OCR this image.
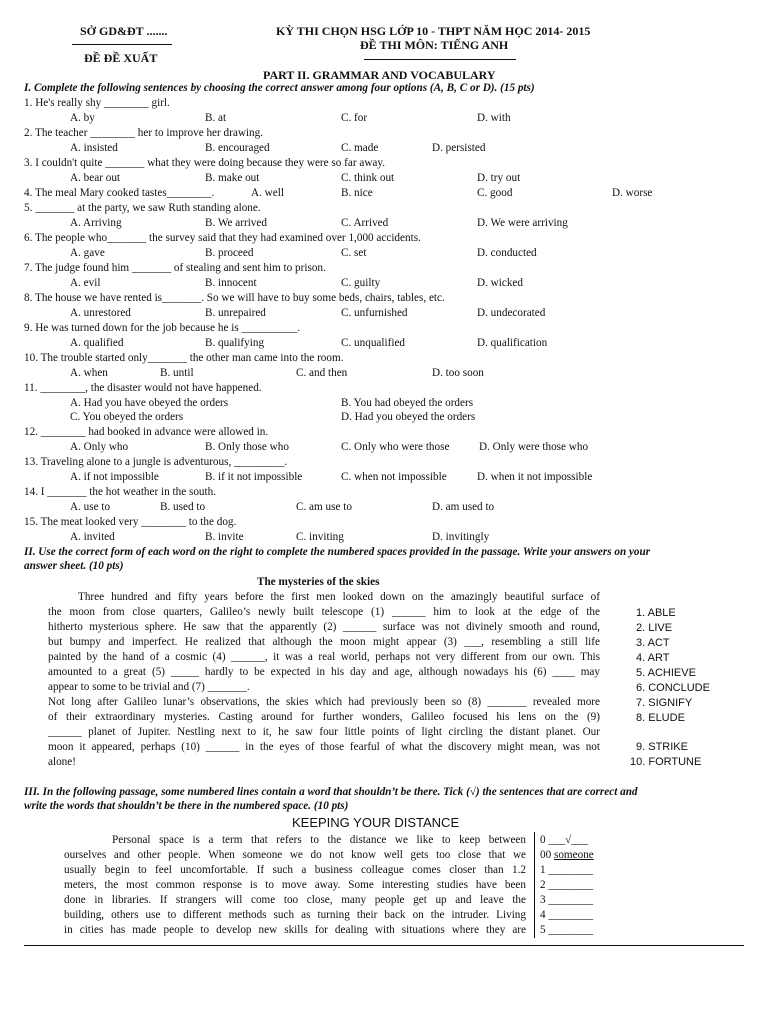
SỞ GD&ĐT .......
ĐỀ ĐỀ XUẤT
KỲ THI CHỌN HSG LỚP 10 - THPT NĂM HỌC 2014- 2015
ĐỀ THI MÔN: TIẾNG ANH
PART II. GRAMMAR AND VOCABULARY
I. Complete the following sentences by choosing the correct answer among four options (A, B, C or D). (15 pts)
1. He's really shy ________ girl.
A. by	B. at	C. for	D. with
2. The teacher ________ her to improve her drawing.
A. insisted	B. encouraged	C. made	D. persisted
3. I couldn't quite _______ what they were doing because they were so far away.
A. bear out	B. make out	C. think out	D. try out
4. The meal Mary cooked tastes________.	A. well	B. nice	C. good	D. worse
5. _______ at the party, we saw Ruth standing alone.
A. Arriving	B. We arrived	C. Arrived	D. We were arriving
6. The people who_______ the survey said that they had examined over 1,000 accidents.
A. gave	B. proceed	C. set	D. conducted
7. The judge found him _______ of stealing and sent him to prison.
A. evil	B. innocent	C. guilty	D. wicked
8. The house we have rented is_______. So we will have to buy some beds, chairs, tables, etc.
A. unrestored	B. unrepaired	C. unfurnished	D. undecorated
9. He was turned down for the job because he is __________.
A. qualified	B. qualifying	C. unqualified	D. qualification
10. The trouble started only_______ the other man came into the room.
A. when	B. until	C. and then	D. too soon
11. ________, the disaster would not have happened.
A. Had you have obeyed the orders	B. You had obeyed the orders
C. You obeyed the orders	D. Had you obeyed the orders
12. ________ had booked in advance were allowed in.
A. Only who	B. Only those who	C. Only who were those	D. Only were those who
13. Traveling alone to a jungle is adventurous, _________.
A. if not impossible	B. if it not impossible	C. when not impossible	D. when it not impossible
14. I _______ the hot weather in the south.
A. use to	B. used to	C. am use to	D. am used to
15. The meat looked very ________ to the dog.
A. invited	B. invite	C. inviting	D. invitingly
II. Use the correct form of each word on the right to complete the numbered spaces provided in the passage. Write your answers on your
answer sheet. (10 pts)
The mysteries of the skies
Three hundred and fifty years before the first men looked down on the amazingly beautiful surface of
the moon from close quarters, Galileo’s newly built telescope (1) ______ him to look at the edge of the
hitherto mysterious sphere. He saw that the apparently (2) ______ surface was not divinely smooth and round,
but bumpy and imperfect. He realized that although the moon might appear (3) ___, resembling a still life
painted by the hand of a cosmic (4) ______, it was a real world, perhaps not very different from our own. This
amounted to a great (5) _____ hardly to be expected in his day and age, although nowadays his (6) ____ may
appear to some to be trivial and (7) _______.
Not long after Galileo lunar’s observations, the skies which had previously been so (8) _______ revealed more
of their extraordinary mysteries. Casting around for further wonders, Galileo focused his lens on the (9)
______ planet of Jupiter. Nestling next to it, he saw four little points of light circling the distant planet. Our
moon it appeared, perhaps (10) ______ in the eyes of those fearful of what the discovery might mean, was not
alone!
1. ABLE
2. LIVE
3. ACT
4. ART
5. ACHIEVE
6. CONCLUDE
7. SIGNIFY
8. ELUDE
9. STRIKE
10. FORTUNE
III. In the following passage, some numbered lines contain a word that shouldn’t be there. Tick (√) the sentences that are correct and
write the words that shouldn’t be there in the numbered space. (10 pts)
KEEPING YOUR DISTANCE
Personal space is a term that refers to the distance we like to keep between
ourselves and other people. When someone we do not know well gets too close that we
usually begin to feel uncomfortable. If such a business colleague comes closer than 1.2
meters, the most common response is to move away. Some interesting studies have been
done in libraries. If strangers will come too close, many people get up and leave the
building, others use to different methods such as turning their back on the intruder. Living
in cities has made people to develop new skills for dealing with situations where they are
0 ___√___
00 someone
1 ________
2 ________
3 ________
4 ________
5 ________
